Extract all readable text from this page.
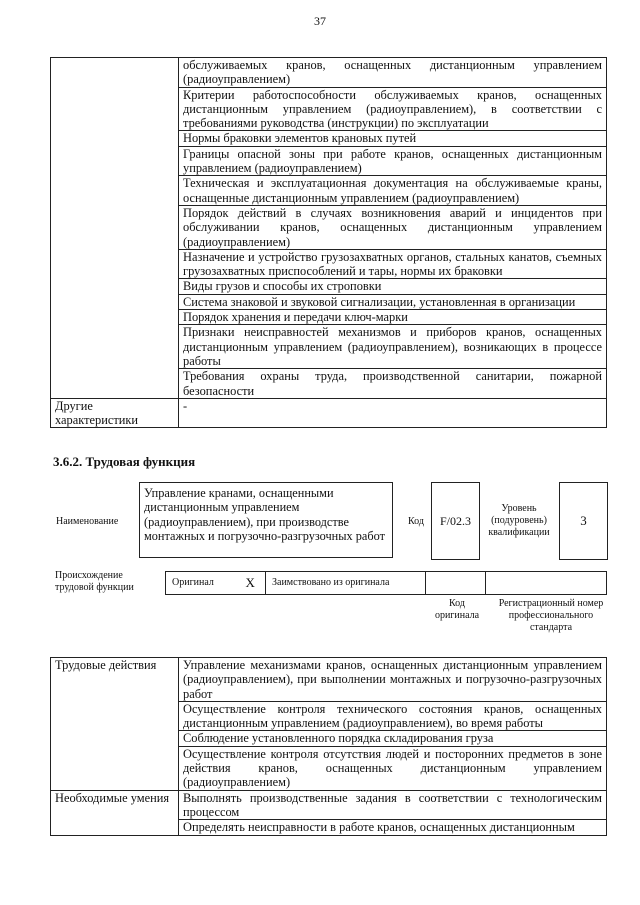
37
	обслуживаемых кранов, оснащенных дистанционным управлением (радиоуправлением)
	Критерии работоспособности обслуживаемых кранов, оснащенных дистанционным управлением (радиоуправлением), в соответствии с требованиями руководства (инструкции) по эксплуатации
	Нормы браковки элементов крановых путей
	Границы опасной зоны при работе кранов, оснащенных дистанционным управлением (радиоуправлением)
	Техническая и эксплуатационная документация на обслуживаемые краны, оснащенные дистанционным управлением (радиоуправлением)
	Порядок действий в случаях возникновения аварий и инцидентов при обслуживании кранов, оснащенных дистанционным управлением (радиоуправлением)
	Назначение и устройство грузозахватных органов, стальных канатов, съемных грузозахватных приспособлений и тары, нормы их браковки
	Виды грузов и способы их строповки
	Система знаковой и звуковой сигнализации, установленная в организации
	Порядок хранения и передачи ключ-марки
	Признаки неисправностей механизмов и приборов кранов, оснащенных дистанционным управлением (радиоуправлением), возникающих в процессе работы
	Требования охраны труда, производственной санитарии, пожарной безопасности
Другие характеристики	-
3.6.2. Трудовая функция
Наименование
Управление кранами, оснащенными дистанционным управлением (радиоуправлением), при производстве монтажных и погрузочно-разгрузочных работ
Код	F/02.3
Уровень (подуровень) квалификации
3
Происхождение трудовой функции	Оригинал	X	Заимствовано из оригинала		
Код оригинала
Регистрационный номер профессионального стандарта
Трудовые действия	Управление механизмами кранов, оснащенных дистанционным управлением (радиоуправлением), при выполнении монтажных и погрузочно-разгрузочных работ
	Осуществление контроля технического состояния кранов, оснащенных дистанционным управлением (радиоуправлением), во время работы
	Соблюдение установленного порядка складирования груза
	Осуществление контроля отсутствия людей и посторонних предметов в зоне действия кранов, оснащенных дистанционным управлением (радиоуправлением)
Необходимые умения	Выполнять производственные задания в соответствии с технологическим процессом
	Определять неисправности в работе кранов, оснащенных дистанционным
